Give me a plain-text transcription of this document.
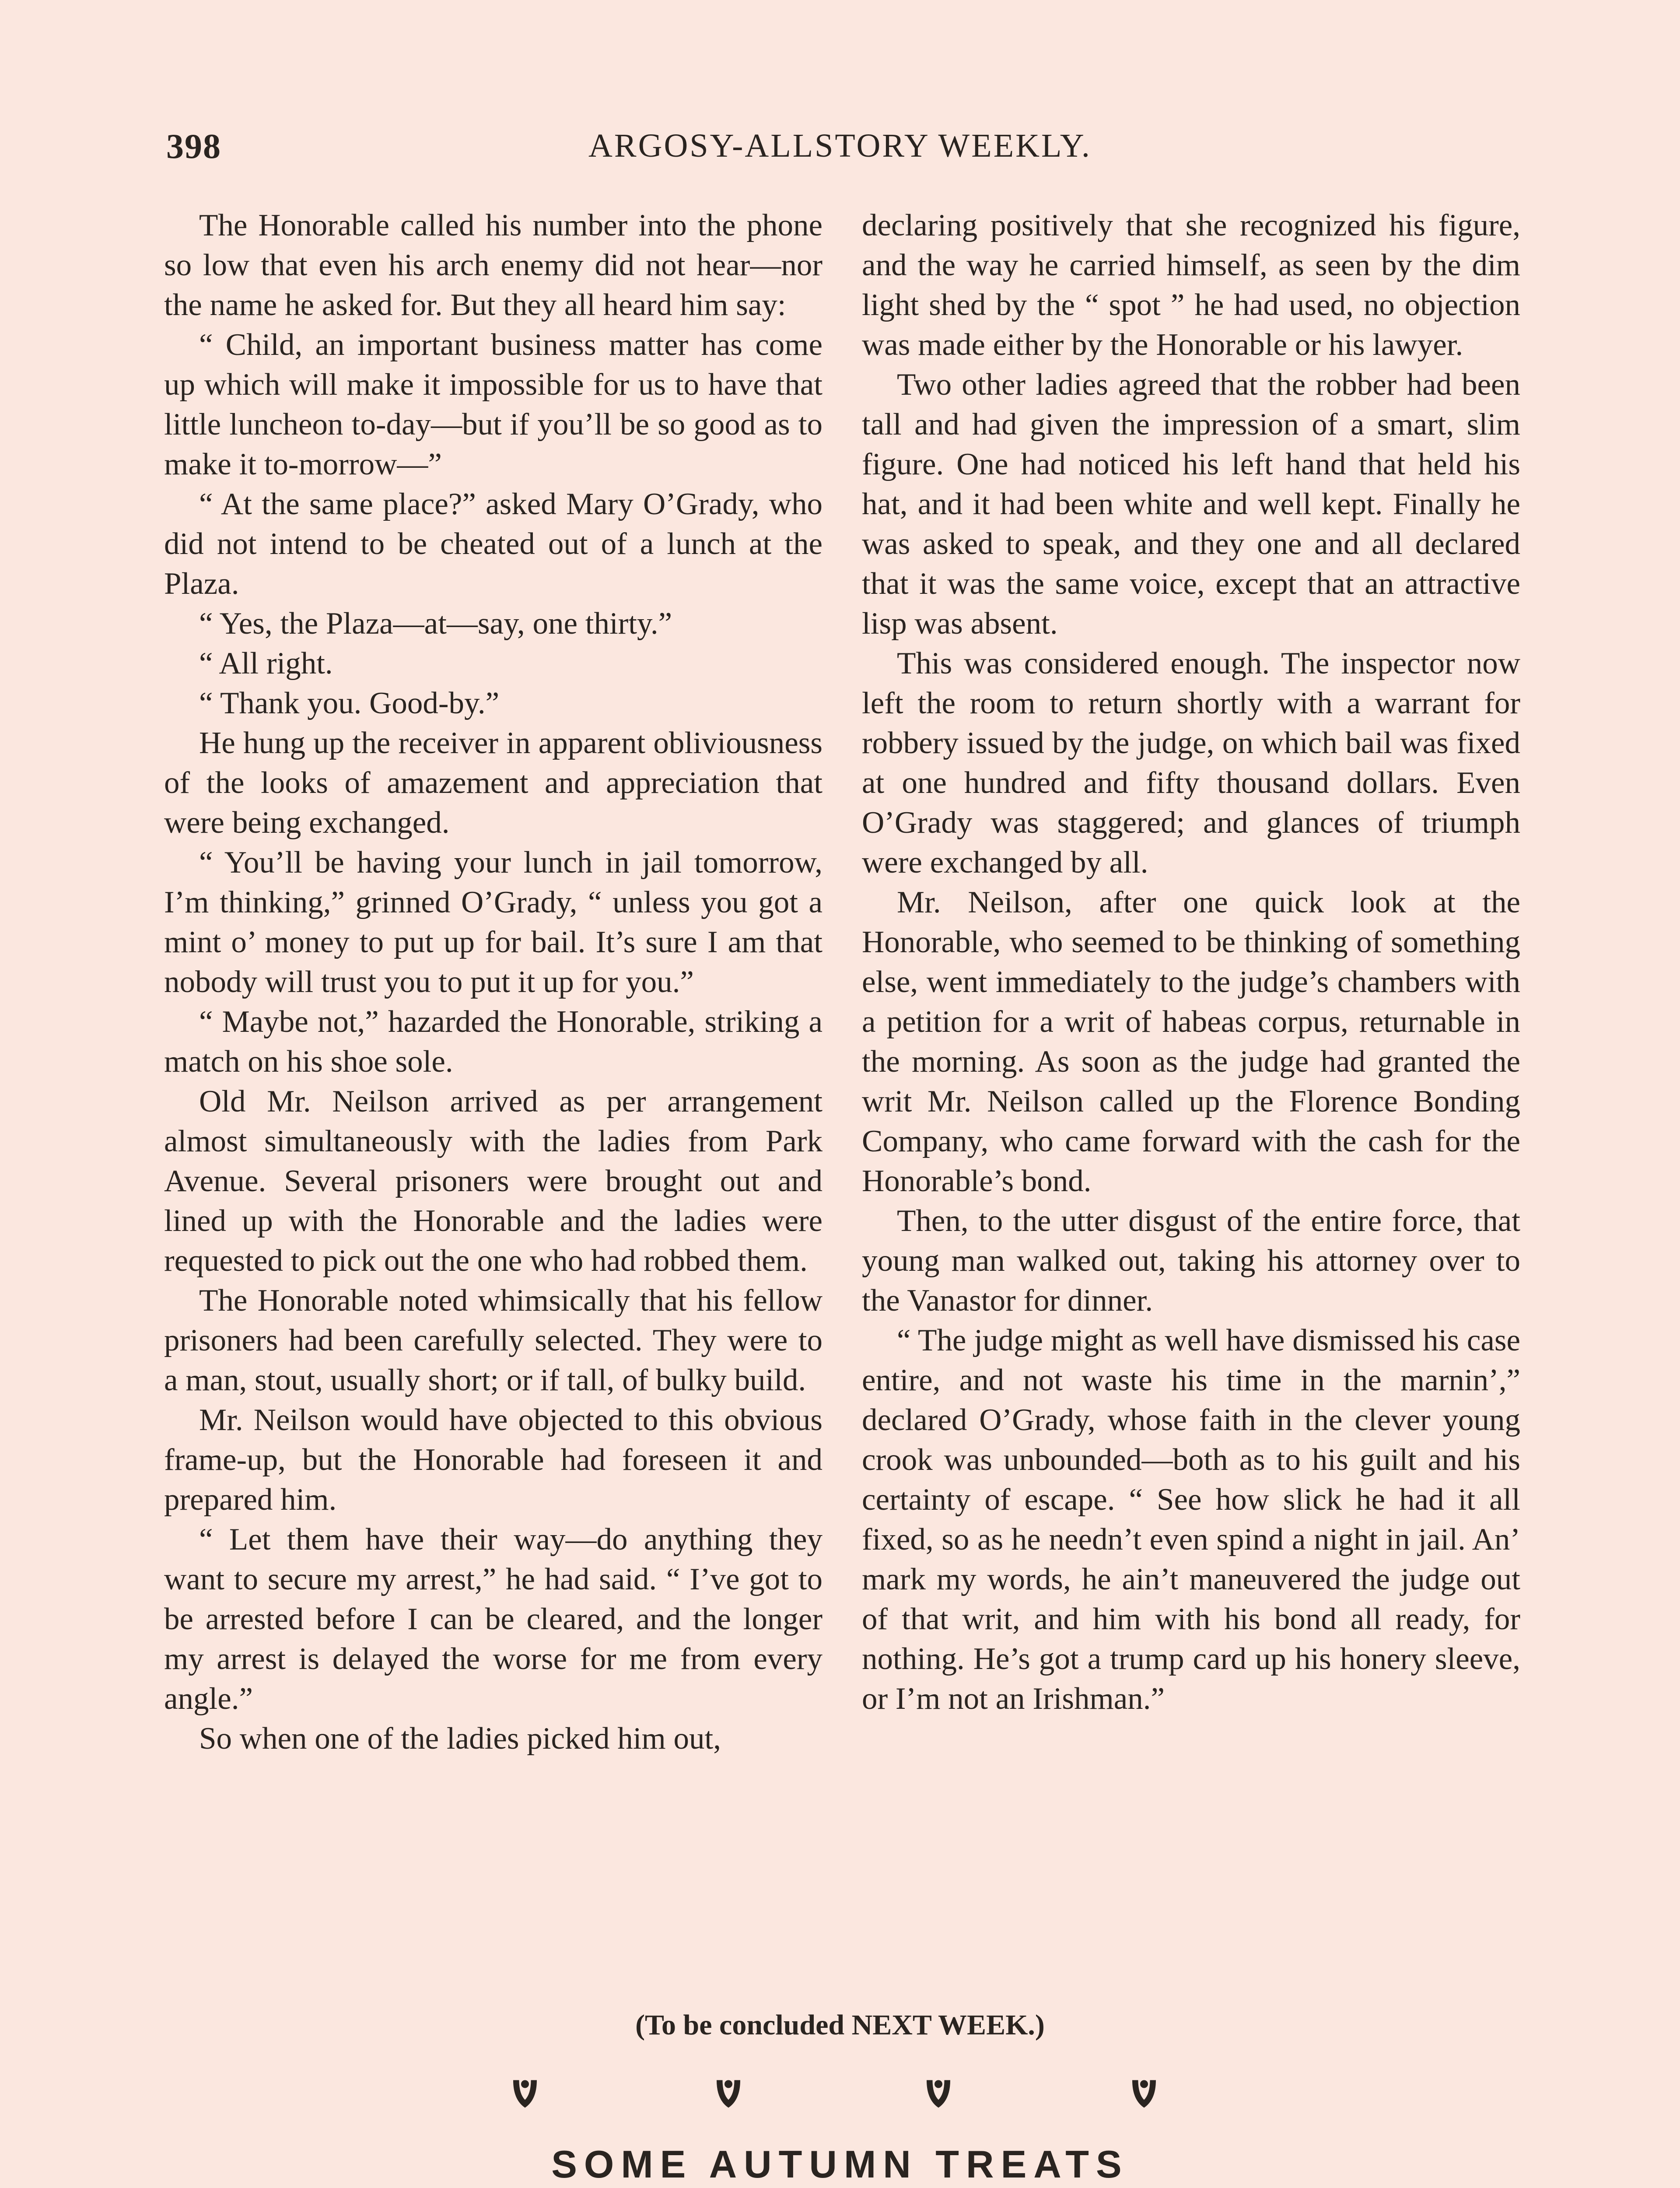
ARGOSY-ALLSTORY WEEKLY.
398

The Honorable called his number into the phone so low that even his arch enemy did not hear—nor the name he asked for. But they all heard him say:

“ Child, an important business matter has come up which will make it impossible for us to have that little luncheon to-day—but if you’ll be so good as to make it to-morrow—”

“ At the same place?” asked Mary O’Grady, who did not intend to be cheated out of a lunch at the Plaza.

“ Yes, the Plaza—at—say, one thirty.”

“ All right.

“ Thank you. Good-by.”

He hung up the receiver in apparent obliviousness of the looks of amazement and appreciation that were being exchanged.

“ You’ll be having your lunch in jail tomorrow, I’m thinking,” grinned O’Grady, “ unless you got a mint o’ money to put up for bail. It’s sure I am that nobody will trust you to put it up for you.”

“ Maybe not,” hazarded the Honorable, striking a match on his shoe sole.

Old Mr. Neilson arrived as per arrangement almost simultaneously with the ladies from Park Avenue. Several prisoners were brought out and lined up with the Honorable and the ladies were requested to pick out the one who had robbed them.

The Honorable noted whimsically that his fellow prisoners had been carefully selected. They were to a man, stout, usually short; or if tall, of bulky build.

Mr. Neilson would have objected to this obvious frame-up, but the Honorable had foreseen it and prepared him.

“ Let them have their way—do anything they want to secure my arrest,” he had said. “ I’ve got to be arrested before I can be cleared, and the longer my arrest is delayed the worse for me from every angle.”

So when one of the ladies picked him out,

declaring positively that she recognized his figure, and the way he carried himself, as seen by the dim light shed by the “ spot ” he had used, no objection was made either by the Honorable or his lawyer.

Two other ladies agreed that the robber had been tall and had given the impression of a smart, slim figure. One had noticed his left hand that held his hat, and it had been white and well kept. Finally he was asked to speak, and they one and all declared that it was the same voice, except that an attractive lisp was absent.

This was considered enough. The inspector now left the room to return shortly with a warrant for robbery issued by the judge, on which bail was fixed at one hundred and fifty thousand dollars. Even O’Grady was staggered; and glances of triumph were exchanged by all.

Mr. Neilson, after one quick look at the Honorable, who seemed to be thinking of something else, went immediately to the judge’s chambers with a petition for a writ of habeas corpus, returnable in the morning. As soon as the judge had granted the writ Mr. Neilson called up the Florence Bonding Company, who came forward with the cash for the Honorable’s bond.

Then, to the utter disgust of the entire force, that young man walked out, taking his attorney over to the Vanastor for dinner.

“ The judge might as well have dismissed his case entire, and not waste his time in the marnin’,” declared O’Grady, whose faith in the clever young crook was unbounded—both as to his guilt and his certainty of escape. “ See how slick he had it all fixed, so as he needn’t even spind a night in jail. An’ mark my words, he ain’t maneuvered the judge out of that writ, and him with his bond all ready, for nothing. He’s got a trump card up his honery sleeve, or I’m not an Irishman.”

(To be concluded NEXT WEEK.)
SOME AUTUMN TREATS
